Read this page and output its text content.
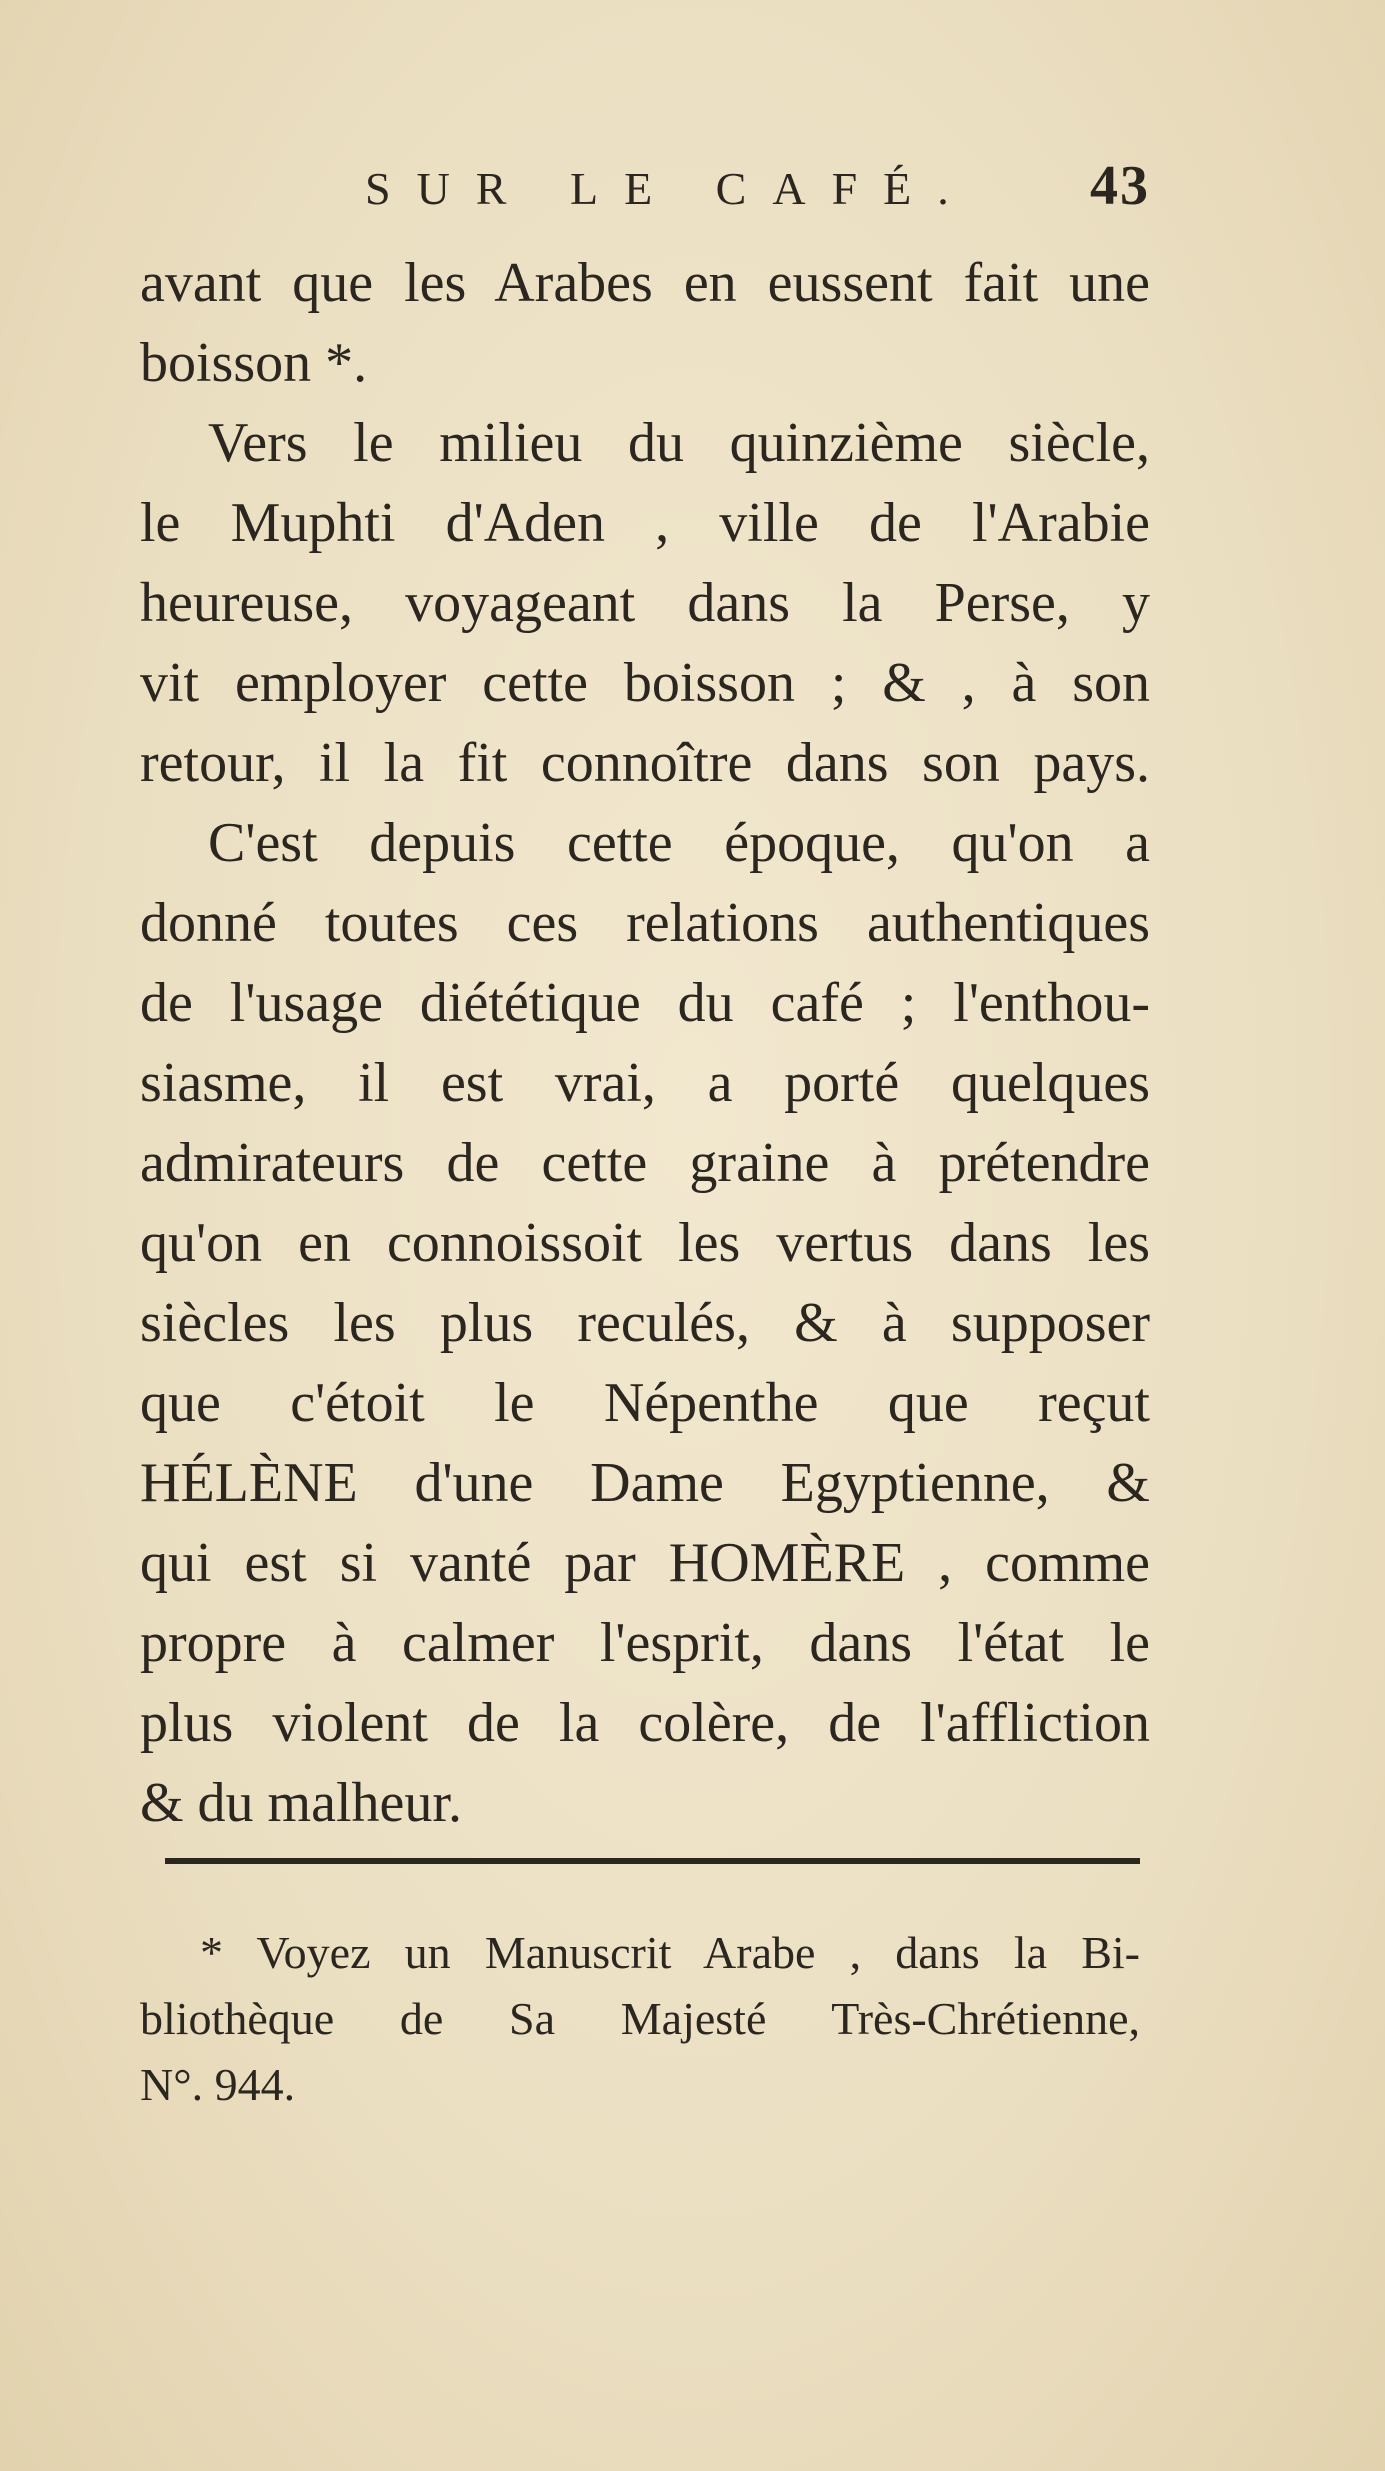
SUR LE CAFÉ. 43
avant que les Arabes en eussent fait une
boisson *.
Vers le milieu du quinzième siècle,
le Muphti d'Aden , ville de l'Arabie
heureuse, voyageant dans la Perse, y
vit employer cette boisson ; & , à son
retour, il la fit connoître dans son pays.
C'est depuis cette époque, qu'on a
donné toutes ces relations authentiques
de l'usage diététique du café ; l'enthou-
siasme, il est vrai, a porté quelques
admirateurs de cette graine à prétendre
qu'on en connoissoit les vertus dans les
siècles les plus reculés, & à supposer
que c'étoit le Népenthe que reçut
HÉLÈNE d'une Dame Egyptienne, &
qui est si vanté par HOMÈRE , comme
propre à calmer l'esprit, dans l'état le
plus violent de la colère, de l'affliction
& du malheur.
* Voyez un Manuscrit Arabe , dans la Bi-
bliothèque de Sa Majesté Très-Chrétienne,
N°. 944.
